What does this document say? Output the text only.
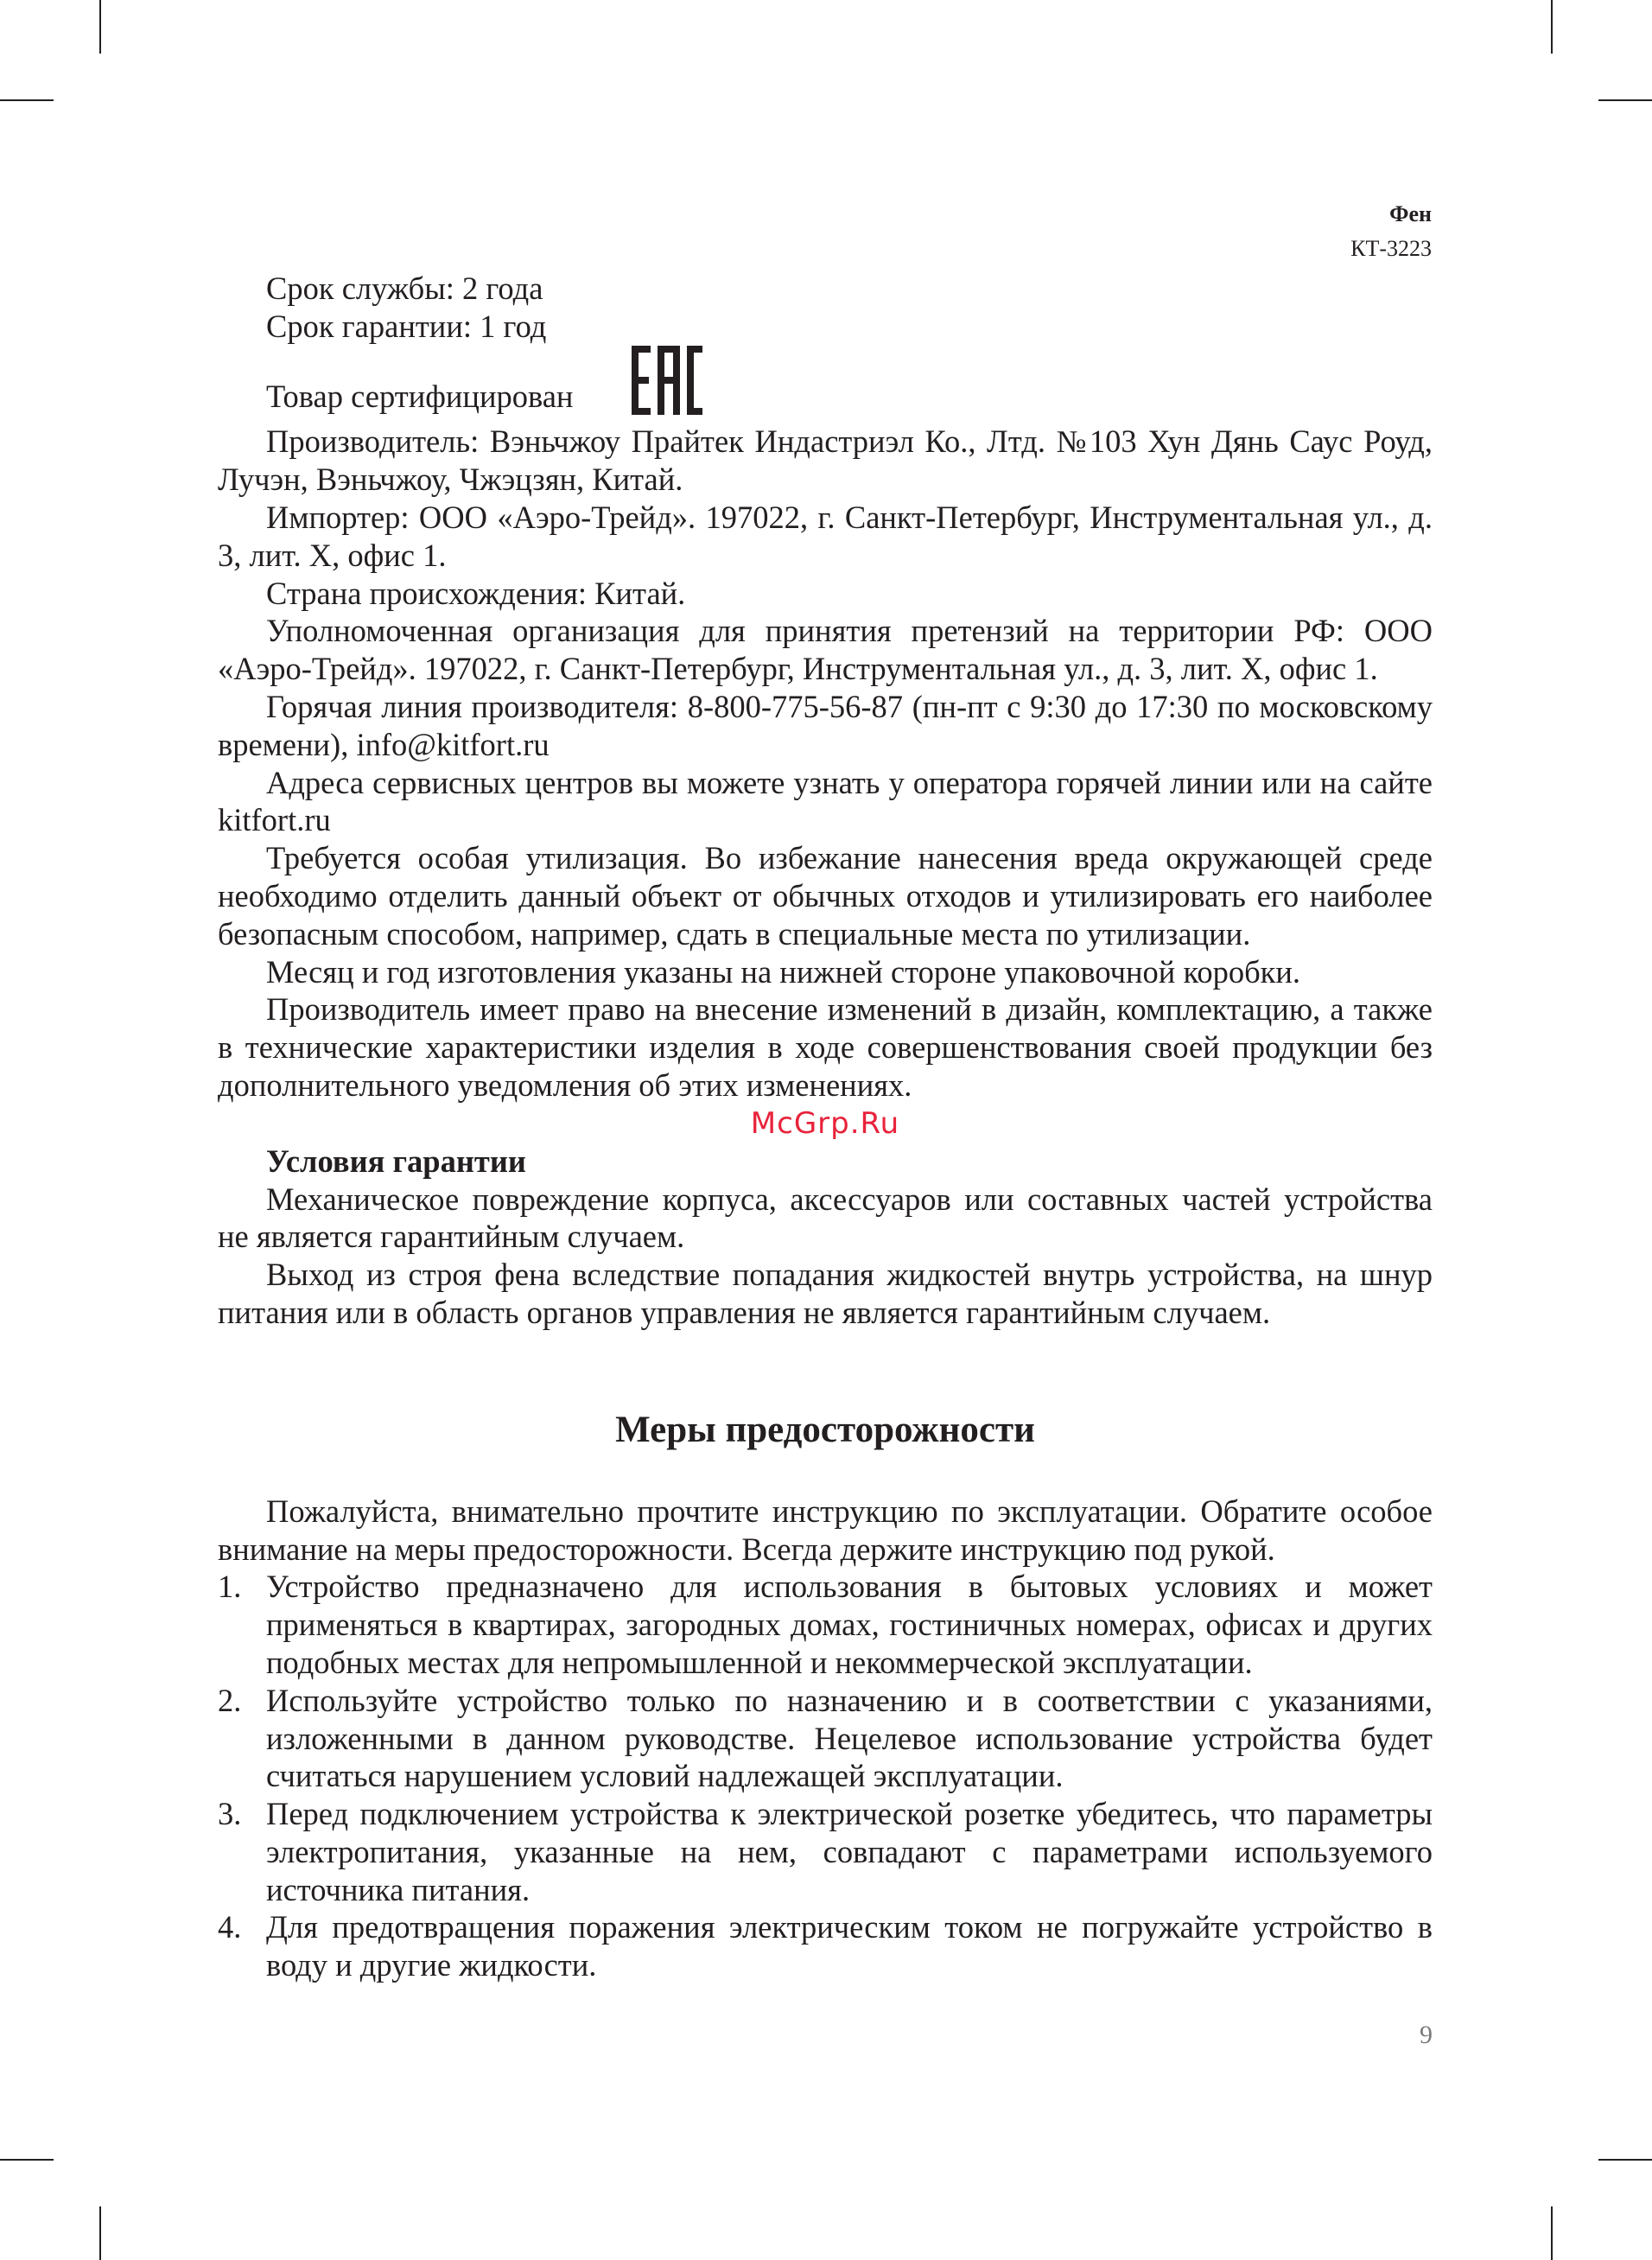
Фен
КТ-3223

Срок службы: 2 года

Срок гарантии: 1 год

Товар сертифицирован

Производитель: Вэньчжоу Прайтек Индастриэл Ко., Лтд. №103 Хун Дянь Саус Роуд, Лучэн, Вэньчжоу, Чжэцзян, Китай.

Импортер: ООО «Аэро-Трейд». 197022, г. Санкт-Петербург, Инструментальная ул., д. 3, лит. Х, офис 1.

Страна происхождения: Китай.

Уполномоченная организация для принятия претензий на территории РФ: ООО «Аэро-Трейд». 197022, г. Санкт-Петербург, Инструментальная ул., д. 3, лит. Х, офис 1.

Горячая линия производителя: 8-800-775-56-87 (пн-пт с 9:30 до 17:30 по московскому времени), info@kitfort.ru

Адреса сервисных центров вы можете узнать у оператора горячей линии или на сайте kitfort.ru

Требуется особая утилизация. Во избежание нанесения вреда окружающей среде необходимо отделить данный объект от обычных отходов и утилизировать его наиболее безопасным способом, например, сдать в специальные места по утилизации.

Месяц и год изготовления указаны на нижней стороне упаковочной коробки.

Производитель имеет право на внесение изменений в дизайн, комплектацию, а также в технические характеристики изделия в ходе совершенствования своей продукции без дополнительного уведомления об этих изменениях.

McGrp.Ru

Условия гарантии

Механическое повреждение корпуса, аксессуаров или составных частей устройства не является гарантийным случаем.

Выход из строя фена вследствие попадания жидкостей внутрь устройства, на шнур питания или в область органов управления не является гарантийным случаем.

Меры предосторожности

Пожалуйста, внимательно прочтите инструкцию по эксплуатации. Обратите особое внимание на меры предосторожности. Всегда держите инструкцию под рукой.

1. Устройство предназначено для использования в бытовых условиях и может применяться в квартирах, загородных домах, гостиничных номерах, офисах и других подобных местах для непромышленной и некоммерческой эксплуатации.
2. Используйте устройство только по назначению и в соответствии с указаниями, изложенными в данном руководстве. Нецелевое использование устройства будет считаться нарушением условий надлежащей эксплуатации.
3. Перед подключением устройства к электрической розетке убедитесь, что параметры электропитания, указанные на нем, совпадают с параметрами используемого источника питания.
4. Для предотвращения поражения электрическим током не погружайте устройство в воду и другие жидкости.
9
